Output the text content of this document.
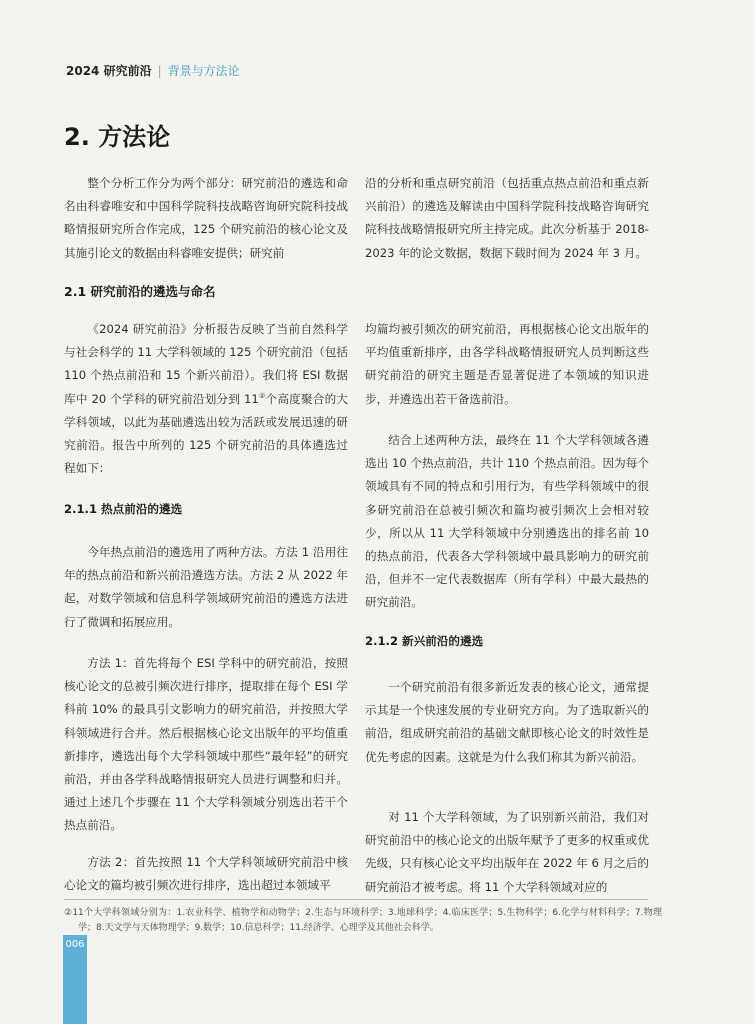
2024 研究前沿 | 背景与方法论
2. 方法论

整个分析工作分为两个部分：研究前沿的遴选和命名由科睿唯安和中国科学院科技战略咨询研究院科技战略情报研究所合作完成，125 个研究前沿的核心论文及其施引论文的数据由科睿唯安提供；研究前

沿的分析和重点研究前沿（包括重点热点前沿和重点新兴前沿）的遴选及解读由中国科学院科技战略咨询研究院科技战略情报研究所主持完成。此次分析基于 2018-2023 年的论文数据，数据下载时间为 2024 年 3 月。

2.1 研究前沿的遴选与命名

《2024 研究前沿》分析报告反映了当前自然科学与社会科学的 11 大学科领域的 125 个研究前沿（包括 110 个热点前沿和 15 个新兴前沿）。我们将 ESI 数据库中 20 个学科的研究前沿划分到 11②个高度聚合的大学科领域，以此为基础遴选出较为活跃或发展迅速的研究前沿。报告中所列的 125 个研究前沿的具体遴选过程如下：

2.1.1 热点前沿的遴选

今年热点前沿的遴选用了两种方法。方法 1 沿用往年的热点前沿和新兴前沿遴选方法。方法 2 从 2022 年起，对数学领域和信息科学领域研究前沿的遴选方法进行了微调和拓展应用。

方法 1：首先将每个 ESI 学科中的研究前沿，按照核心论文的总被引频次进行排序，提取排在每个 ESI 学科前 10% 的最具引文影响力的研究前沿，并按照大学科领域进行合并。然后根据核心论文出版年的平均值重新排序，遴选出每个大学科领域中那些“最年轻”的研究前沿，并由各学科战略情报研究人员进行调整和归并。通过上述几个步骤在 11 个大学科领域分别选出若干个热点前沿。

方法 2：首先按照 11 个大学科领域研究前沿中核心论文的篇均被引频次进行排序，选出超过本领域平

均篇均被引频次的研究前沿，再根据核心论文出版年的平均值重新排序，由各学科战略情报研究人员判断这些研究前沿的研究主题是否显著促进了本领域的知识进步，并遴选出若干备选前沿。

结合上述两种方法，最终在 11 个大学科领域各遴选出 10 个热点前沿，共计 110 个热点前沿。因为每个领域具有不同的特点和引用行为，有些学科领域中的很多研究前沿在总被引频次和篇均被引频次上会相对较少，所以从 11 大学科领域中分别遴选出的排名前 10 的热点前沿，代表各大学科领域中最具影响力的研究前沿，但并不一定代表数据库（所有学科）中最大最热的研究前沿。

2.1.2 新兴前沿的遴选

一个研究前沿有很多新近发表的核心论文，通常提示其是一个快速发展的专业研究方向。为了选取新兴的前沿，组成研究前沿的基础文献即核心论文的时效性是优先考虑的因素。这就是为什么我们称其为新兴前沿。

对 11 个大学科领域，为了识别新兴前沿，我们对研究前沿中的核心论文的出版年赋予了更多的权重或优先级，只有核心论文平均出版年在 2022 年 6 月之后的研究前沿才被考虑。将 11 个大学科领域对应的

②11个大学科领域分别为：1.农业科学、植物学和动物学；2.生态与环境科学；3.地球科学；4.临床医学；5.生物科学；6.化学与材料科学；7.物理学；8.天文学与天体物理学；9.数学；10.信息科学；11.经济学、心理学及其他社会科学。

006
